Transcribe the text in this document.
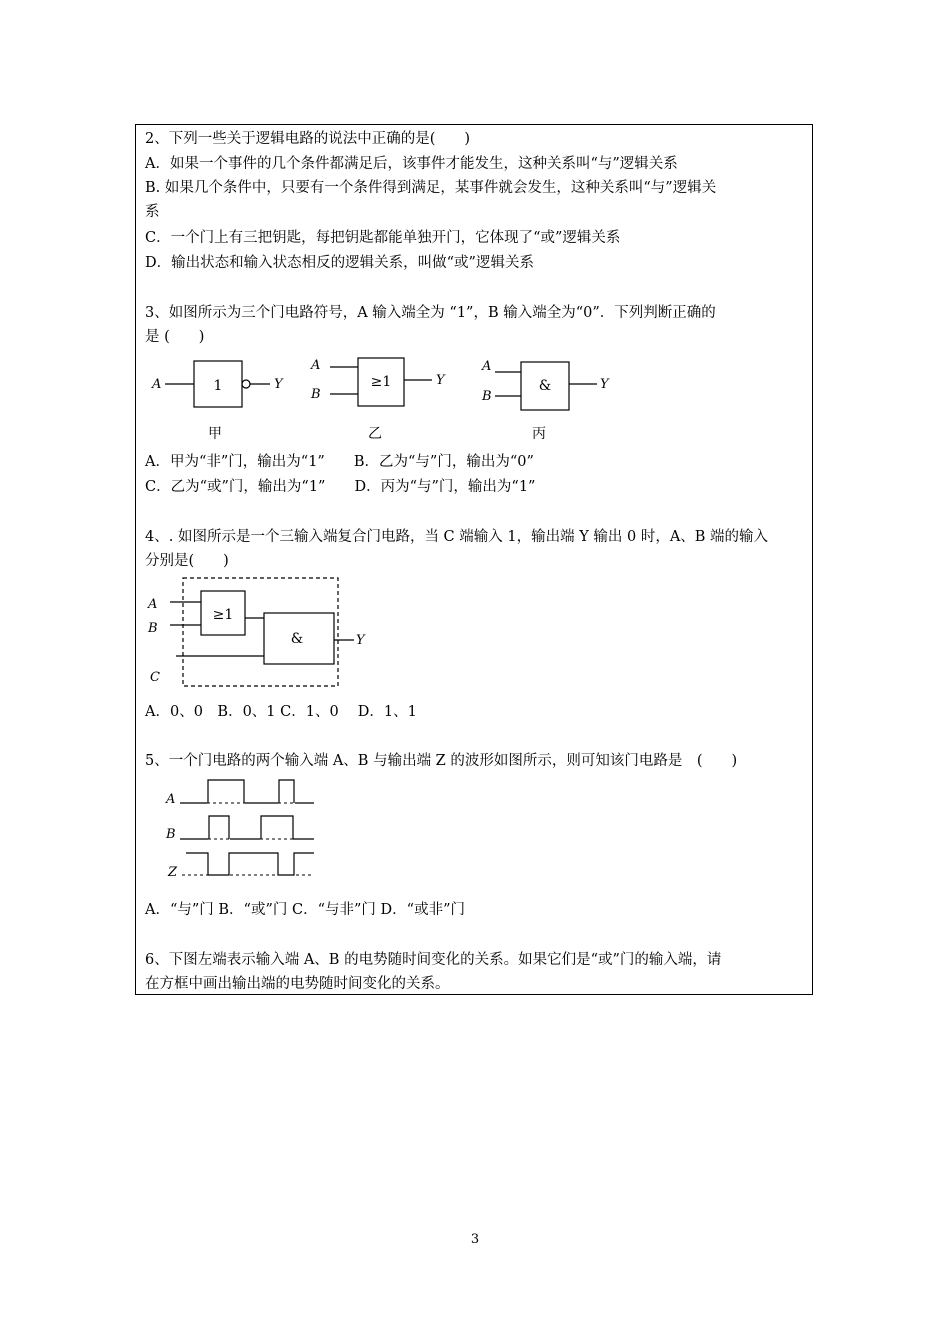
2、下列一些关于逻辑电路的说法中正确的是(　　)
A．如果一个事件的几个条件都满足后，该事件才能发生，这种关系叫“与”逻辑关系
B. 如果几个条件中，只要有一个条件得到满足，某事件就会发生，这种关系叫“与”逻辑关
系
C．一个门上有三把钥匙，每把钥匙都能单独开门，它体现了“或”逻辑关系
D．输出状态和输入状态相反的逻辑关系，叫做“或”逻辑关系
3、如图所示为三个门电路符号，A 输入端全为 “1”，B 输入端全为“0”．下列判断正确的
是 (　　)
A	1	Y
甲
A
B
≥1	Y
乙
A
B
&	Y
丙
A．甲为“非”门，输出为“1”　　B．乙为“与”门，输出为“0”
C．乙为“或”门，输出为“1”　　D．丙为“与”门，输出为“1”
4、. 如图所示是一个三输入端复合门电路，当 C 端输入 1，输出端 Y 输出 0 时，A、B 端的输入
分别是(　　)
A
B
C
≥1
&	Y
A．0、0　B．0、1 C．1、0　 D．1、1
5、一个门电路的两个输入端 A、B 与输出端 Z 的波形如图所示，则可知该门电路是　(　　)
A
B
Z
A．“与”门 B．“或”门 C．“与非”门 D．“或非”门
6、下图左端表示输入端 A、B 的电势随时间变化的关系。如果它们是“或”门的输入端，请
在方框中画出输出端的电势随时间变化的关系。
3
